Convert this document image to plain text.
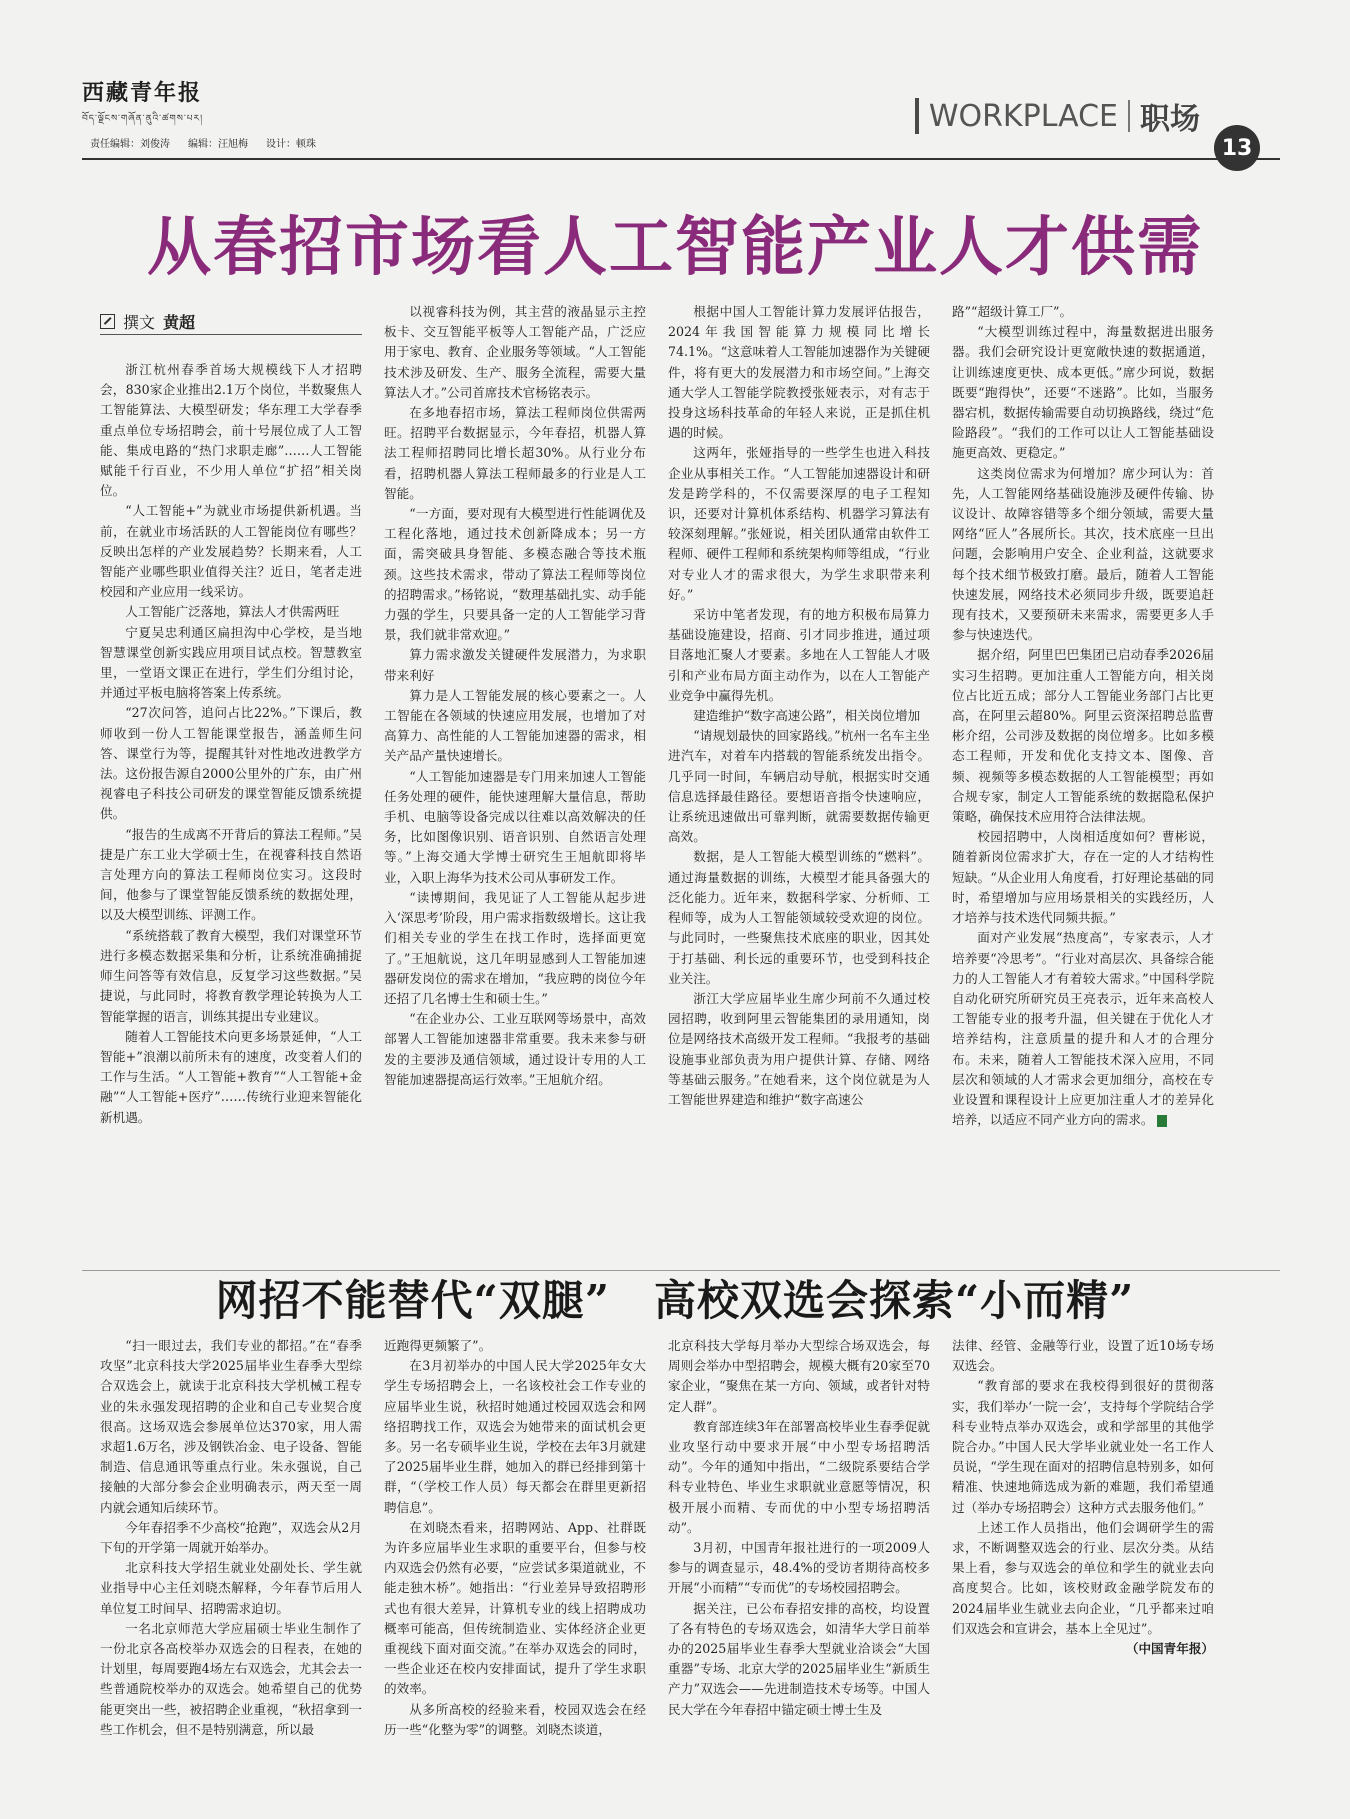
西藏青年报
བོད་ལྗོངས་གཞོན་ནུའི་ཚགས་པར།	WORKPLACE 职场
责任编辑：刘俊涛 编辑：汪旭梅 设计：顿珠	13
从春招市场看人工智能产业人才供需
撰文 黄超

浙江杭州春季首场大规模线下人才招聘会，830家企业推出2.1万个岗位，半数聚焦人工智能算法、大模型研发；华东理工大学春季重点单位专场招聘会，前十号展位成了人工智能、集成电路的“热门求职走廊”……人工智能赋能千行百业，不少用人单位“扩招”相关岗位。

“人工智能+”为就业市场提供新机遇。当前，在就业市场活跃的人工智能岗位有哪些？反映出怎样的产业发展趋势？长期来看，人工智能产业哪些职业值得关注？近日，笔者走进校园和产业应用一线采访。

人工智能广泛落地，算法人才供需两旺

宁夏吴忠利通区扁担沟中心学校，是当地智慧课堂创新实践应用项目试点校。智慧教室里，一堂语文课正在进行，学生们分组讨论，并通过平板电脑将答案上传系统。

“27次问答，追问占比22%。”下课后，教师收到一份人工智能课堂报告，涵盖师生问答、课堂行为等，提醒其针对性地改进教学方法。这份报告源自2000公里外的广东，由广州视睿电子科技公司研发的课堂智能反馈系统提供。

“报告的生成离不开背后的算法工程师。”吴捷是广东工业大学硕士生，在视睿科技自然语言处理方向的算法工程师岗位实习。这段时间，他参与了课堂智能反馈系统的数据处理，以及大模型训练、评测工作。

“系统搭载了教育大模型，我们对课堂环节进行多模态数据采集和分析，让系统准确捕捉师生问答等有效信息，反复学习这些数据。”吴捷说，与此同时，将教育教学理论转换为人工智能掌握的语言，训练其提出专业建议。

随着人工智能技术向更多场景延伸，“人工智能+”浪潮以前所未有的速度，改变着人们的工作与生活。“人工智能+教育”“人工智能+金融”“人工智能+医疗”……传统行业迎来智能化新机遇。

以视睿科技为例，其主营的液晶显示主控板卡、交互智能平板等人工智能产品，广泛应用于家电、教育、企业服务等领域。“人工智能技术涉及研发、生产、服务全流程，需要大量算法人才。”公司首席技术官杨铭表示。

在多地春招市场，算法工程师岗位供需两旺。招聘平台数据显示，今年春招，机器人算法工程师招聘同比增长超30%。从行业分布看，招聘机器人算法工程师最多的行业是人工智能。

“一方面，要对现有大模型进行性能调优及工程化落地，通过技术创新降成本；另一方面，需突破具身智能、多模态融合等技术瓶颈。这些技术需求，带动了算法工程师等岗位的招聘需求。”杨铭说，“数理基础扎实、动手能力强的学生，只要具备一定的人工智能学习背景，我们就非常欢迎。”

算力需求激发关键硬件发展潜力，为求职带来利好

算力是人工智能发展的核心要素之一。人工智能在各领域的快速应用发展，也增加了对高算力、高性能的人工智能加速器的需求，相关产品产量快速增长。

“人工智能加速器是专门用来加速人工智能任务处理的硬件，能快速理解大量信息，帮助手机、电脑等设备完成以往难以高效解决的任务，比如图像识别、语音识别、自然语言处理等。”上海交通大学博士研究生王旭航即将毕业，入职上海华为技术公司从事研发工作。

“读博期间，我见证了人工智能从起步进入‘深思考’阶段，用户需求指数级增长。这让我们相关专业的学生在找工作时，选择面更宽了。”王旭航说，这几年明显感到人工智能加速器研发岗位的需求在增加，“我应聘的岗位今年还招了几名博士生和硕士生。”

“在企业办公、工业互联网等场景中，高效部署人工智能加速器非常重要。我未来参与研发的主要涉及通信领域，通过设计专用的人工智能加速器提高运行效率。”王旭航介绍。

根据中国人工智能计算力发展评估报告，2024年我国智能算力规模同比增长74.1%。“这意味着人工智能加速器作为关键硬件，将有更大的发展潜力和市场空间。”上海交通大学人工智能学院教授张娅表示，对有志于投身这场科技革命的年轻人来说，正是抓住机遇的时候。

这两年，张娅指导的一些学生也进入科技企业从事相关工作。“人工智能加速器设计和研发是跨学科的，不仅需要深厚的电子工程知识，还要对计算机体系结构、机器学习算法有较深刻理解。”张娅说，相关团队通常由软件工程师、硬件工程师和系统架构师等组成，“行业对专业人才的需求很大，为学生求职带来利好。”

采访中笔者发现，有的地方积极布局算力基础设施建设，招商、引才同步推进，通过项目落地汇聚人才要素。多地在人工智能人才吸引和产业布局方面主动作为，以在人工智能产业竞争中赢得先机。

建造维护“数字高速公路”，相关岗位增加

“请规划最快的回家路线。”杭州一名车主坐进汽车，对着车内搭载的智能系统发出指令。几乎同一时间，车辆启动导航，根据实时交通信息选择最佳路径。要想语音指令快速响应，让系统迅速做出可靠判断，就需要数据传输更高效。

数据，是人工智能大模型训练的“燃料”。通过海量数据的训练，大模型才能具备强大的泛化能力。近年来，数据科学家、分析师、工程师等，成为人工智能领域较受欢迎的岗位。与此同时，一些聚焦技术底座的职业，因其处于打基础、利长远的重要环节，也受到科技企业关注。

浙江大学应届毕业生席少珂前不久通过校园招聘，收到阿里云智能集团的录用通知，岗位是网络技术高级开发工程师。“我报考的基础设施事业部负责为用户提供计算、存储、网络等基础云服务。”在她看来，这个岗位就是为人工智能世界建造和维护“数字高速公

路”“超级计算工厂”。

“大模型训练过程中，海量数据进出服务器。我们会研究设计更宽敞快速的数据通道，让训练速度更快、成本更低。”席少珂说，数据既要“跑得快”，还要“不迷路”。比如，当服务器宕机，数据传输需要自动切换路线，绕过“危险路段”。“我们的工作可以让人工智能基础设施更高效、更稳定。”

这类岗位需求为何增加？席少珂认为：首先，人工智能网络基础设施涉及硬件传输、协议设计、故障容错等多个细分领域，需要大量网络“匠人”各展所长。其次，技术底座一旦出问题，会影响用户安全、企业利益，这就要求每个技术细节极致打磨。最后，随着人工智能快速发展，网络技术必须同步升级，既要追赶现有技术，又要预研未来需求，需要更多人手参与快速迭代。

据介绍，阿里巴巴集团已启动春季2026届实习生招聘。更加注重人工智能方向，相关岗位占比近五成；部分人工智能业务部门占比更高，在阿里云超80%。阿里云资深招聘总监曹彬介绍，公司涉及数据的岗位增多。比如多模态工程师，开发和优化支持文本、图像、音频、视频等多模态数据的人工智能模型；再如合规专家，制定人工智能系统的数据隐私保护策略，确保技术应用符合法律法规。

校园招聘中，人岗相适度如何？曹彬说，随着新岗位需求扩大，存在一定的人才结构性短缺。“从企业用人角度看，打好理论基础的同时，希望增加与应用场景相关的实践经历，人才培养与技术迭代同频共振。”

面对产业发展“热度高”，专家表示，人才培养要“冷思考”。“行业对高层次、具备综合能力的人工智能人才有着较大需求。”中国科学院自动化研究所研究员王亮表示，近年来高校人工智能专业的报考升温，但关键在于优化人才培养结构，注意质量的提升和人才的合理分布。未来，随着人工智能技术深入应用，不同层次和领域的人才需求会更加细分，高校在专业设置和课程设计上应更加注重人才的差异化培养，以适应不同产业方向的需求。

网招不能替代“双腿” 高校双选会探索“小而精”

“扫一眼过去，我们专业的都招。”在“春季攻坚”北京科技大学2025届毕业生春季大型综合双选会上，就读于北京科技大学机械工程专业的朱永强发现招聘的企业和自己专业契合度很高。这场双选会参展单位达370家，用人需求超1.6万名，涉及钢铁冶金、电子设备、智能制造、信息通讯等重点行业。朱永强说，自己接触的大部分参会企业明确表示，两天至一周内就会通知后续环节。

今年春招季不少高校“抢跑”，双选会从2月下旬的开学第一周就开始举办。

北京科技大学招生就业处副处长、学生就业指导中心主任刘晓杰解释，今年春节后用人单位复工时间早、招聘需求迫切。

一名北京师范大学应届硕士毕业生制作了一份北京各高校举办双选会的日程表，在她的计划里，每周要跑4场左右双选会，尤其会去一些普通院校举办的双选会。她希望自己的优势能更突出一些，被招聘企业重视，“秋招拿到一些工作机会，但不是特别满意，所以最

近跑得更频繁了”。

在3月初举办的中国人民大学2025年女大学生专场招聘会上，一名该校社会工作专业的应届毕业生说，秋招时她通过校园双选会和网络招聘找工作，双选会为她带来的面试机会更多。另一名专硕毕业生说，学校在去年3月就建了2025届毕业生群，她加入的群已经排到第十群，“（学校工作人员）每天都会在群里更新招聘信息”。

在刘晓杰看来，招聘网站、App、社群既为许多应届毕业生求职的重要平台，但参与校内双选会仍然有必要，“应尝试多渠道就业，不能走独木桥”。她指出：“行业差异导致招聘形式也有很大差异，计算机专业的线上招聘成功概率可能高，但传统制造业、实体经济企业更重视线下面对面交流。”在举办双选会的同时，一些企业还在校内安排面试，提升了学生求职的效率。

从多所高校的经验来看，校园双选会在经历一些“化整为零”的调整。刘晓杰谈道，

北京科技大学每月举办大型综合场双选会，每周则会举办中型招聘会，规模大概有20家至70家企业，“聚焦在某一方向、领域，或者针对特定人群”。

教育部连续3年在部署高校毕业生春季促就业攻坚行动中要求开展“中小型专场招聘活动”。今年的通知中指出，“二级院系要结合学科专业特色、毕业生求职就业意愿等情况，积极开展小而精、专而优的中小型专场招聘活动”。

3月初，中国青年报社进行的一项2009人参与的调查显示，48.4%的受访者期待高校多开展“小而精”“专而优”的专场校园招聘会。

据关注，已公布春招安排的高校，均设置了各有特色的专场双选会，如清华大学日前举办的2025届毕业生春季大型就业洽谈会“大国重器”专场、北京大学的2025届毕业生“新质生产力”双选会——先进制造技术专场等。中国人民大学在今年春招中锚定硕士博士生及

法律、经管、金融等行业，设置了近10场专场双选会。

“教育部的要求在我校得到很好的贯彻落实，我们举办‘一院一会’，支持每个学院结合学科专业特点举办双选会，或和学部里的其他学院合办。”中国人民大学毕业就业处一名工作人员说，“学生现在面对的招聘信息特别多，如何精准、快速地筛选成为新的难题，我们希望通过（举办专场招聘会）这种方式去服务他们。”

上述工作人员指出，他们会调研学生的需求，不断调整双选会的行业、层次分类。从结果上看，参与双选会的单位和学生的就业去向高度契合。比如，该校财政金融学院发布的2024届毕业生就业去向企业，“几乎都来过咱们双选会和宣讲会，基本上全见过”。

（中国青年报）
